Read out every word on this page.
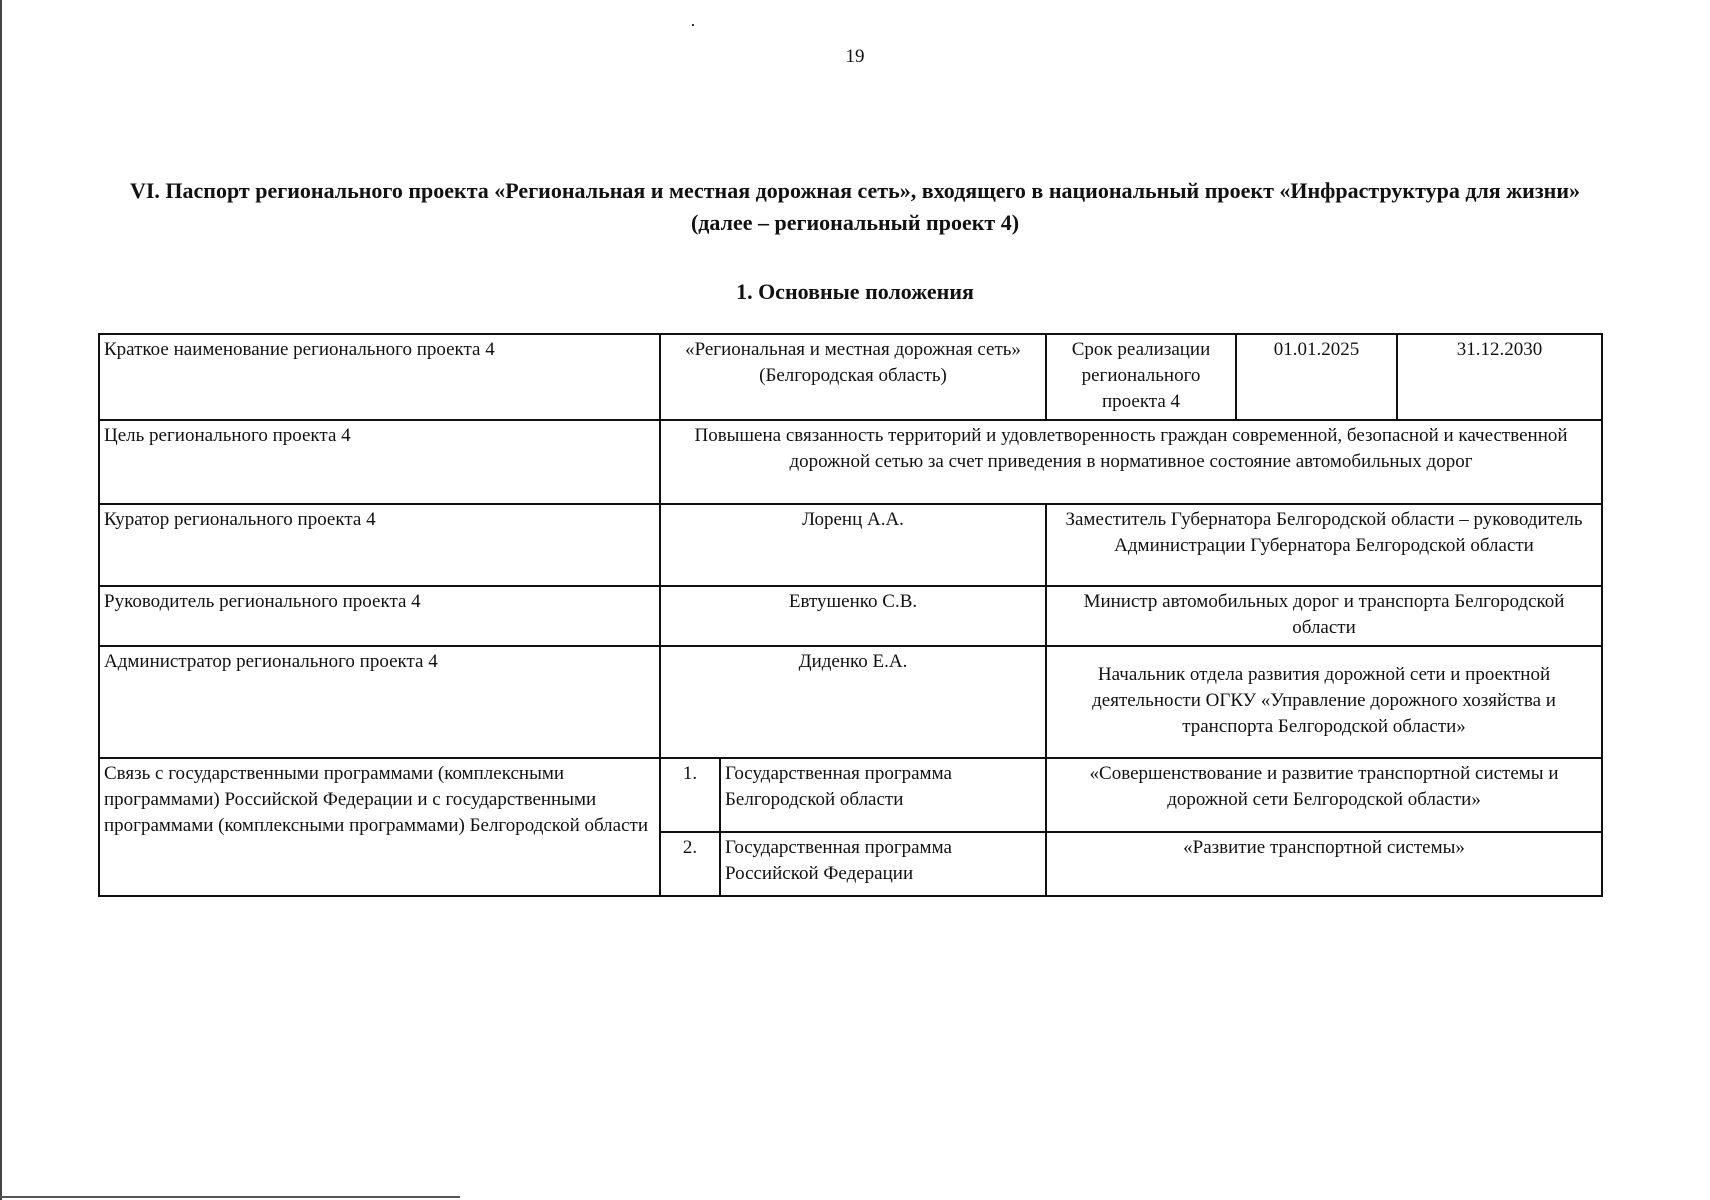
19
VI. Паспорт регионального проекта «Региональная и местная дорожная сеть», входящего в национальный проект «Инфраструктура для жизни» (далее – региональный проект 4)
1. Основные положения
Краткое наименование регионального проекта 4	«Региональная и местная дорожная сеть» (Белгородская область)		Срок реализации регионального проекта 4	01.01.2025	31.12.2030
Цель регионального проекта 4	Повышена связанность территорий и удовлетворенность граждан современной, безопасной и качественной дорожной сетью за счет приведения в нормативное состояние автомобильных дорог				
Куратор регионального проекта 4	Лоренц А.А.		Заместитель Губернатора Белгородской области – руководитель Администрации Губернатора Белгородской области		
Руководитель регионального проекта 4	Евтушенко С.В.		Министр автомобильных дорог и транспорта Белгородской области		
Администратор регионального проекта 4	Диденко Е.А.		Начальник отдела развития дорожной сети и проектной деятельности ОГКУ «Управление дорожного хозяйства и транспорта Белгородской области»		
Связь с государственными программами (комплексными программами) Российской Федерации и с государственными программами (комплексными программами) Белгородской области	1.	Государственная программа Белгородской области	«Совершенствование и развитие транспортной системы и дорожной сети Белгородской области»		
	2.	Государственная программа Российской Федерации	«Развитие транспортной системы»		
